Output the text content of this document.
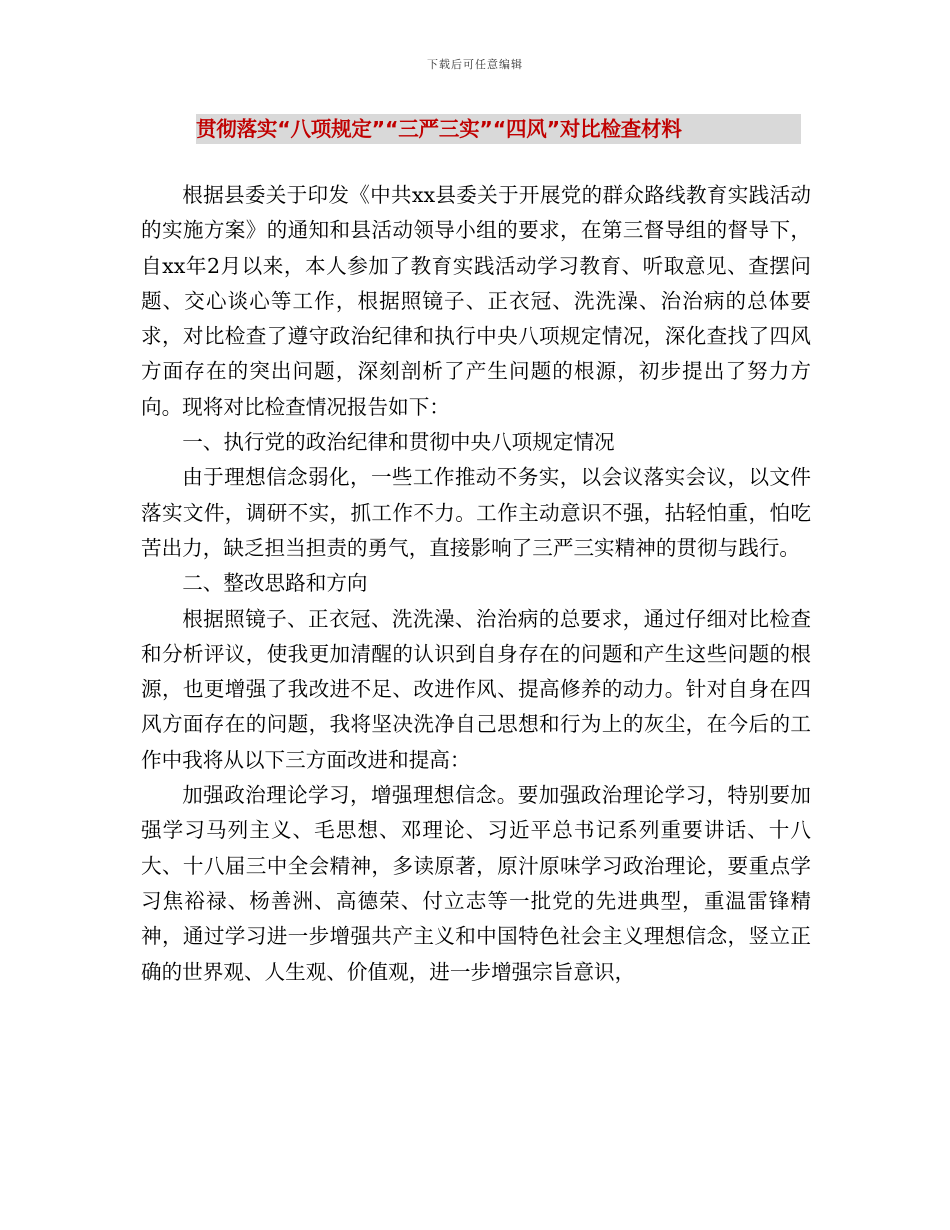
下载后可任意编辑
贯彻落实“八项规定”“三严三实”“四风”对比检查材料

根据县委关于印发《中共xx县委关于开展党的群众路线教育实践活动的实施方案》的通知和县活动领导小组的要求，在第三督导组的督导下，自xx年2月以来，本人参加了教育实践活动学习教育、听取意见、查摆问题、交心谈心等工作，根据照镜子、正衣冠、洗洗澡、治治病的总体要求，对比检查了遵守政治纪律和执行中央八项规定情况，深化查找了四风方面存在的突出问题，深刻剖析了产生问题的根源，初步提出了努力方向。现将对比检查情况报告如下：

一、执行党的政治纪律和贯彻中央八项规定情况

由于理想信念弱化，一些工作推动不务实，以会议落实会议，以文件落实文件，调研不实，抓工作不力。工作主动意识不强，拈轻怕重，怕吃苦出力，缺乏担当担责的勇气，直接影响了三严三实精神的贯彻与践行。

二、整改思路和方向

根据照镜子、正衣冠、洗洗澡、治治病的总要求，通过仔细对比检查和分析评议，使我更加清醒的认识到自身存在的问题和产生这些问题的根源，也更增强了我改进不足、改进作风、提高修养的动力。针对自身在四风方面存在的问题，我将坚决洗净自己思想和行为上的灰尘，在今后的工作中我将从以下三方面改进和提高：

加强政治理论学习，增强理想信念。要加强政治理论学习，特别要加强学习马列主义、毛思想、邓理论、习近平总书记系列重要讲话、十八大、十八届三中全会精神，多读原著，原汁原味学习政治理论，要重点学习焦裕禄、杨善洲、高德荣、付立志等一批党的先进典型，重温雷锋精神，通过学习进一步增强共产主义和中国特色社会主义理想信念，竖立正确的世界观、人生观、价值观，进一步增强宗旨意识，
